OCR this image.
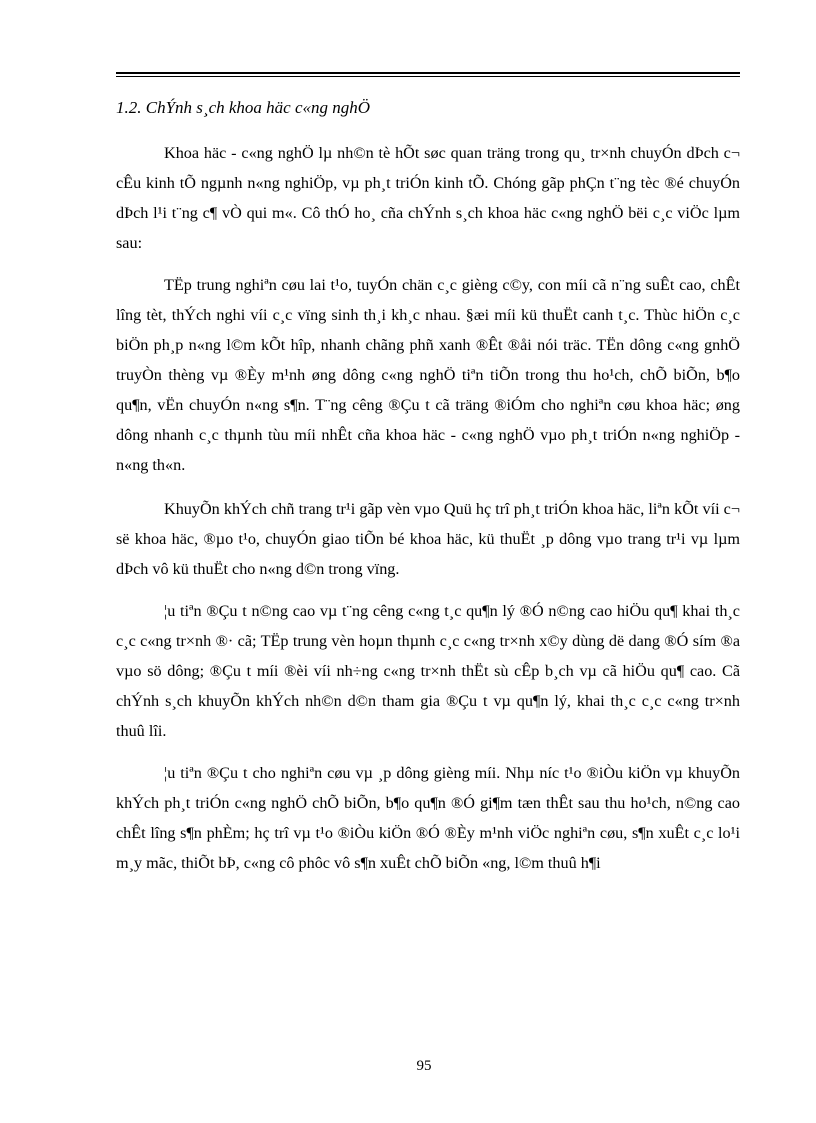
1.2. ChÝnh s¸ch khoa häc c«ng nghÖ

Khoa häc - c«ng nghÖ lµ nh©n tè hÕt søc quan träng trong qu¸ tr×nh chuyÓn dÞch c¬ cÊu kinh tÕ ngµnh n«ng nghiÖp, vµ ph¸t triÓn kinh tÕ. Chóng gãp phÇn t¨ng tèc ®é chuyÓn dÞch l¹i t¨ng c¶ vÒ qui m«. Cô thÓ ho¸ cña chÝnh s¸ch khoa häc c«ng nghÖ bëi c¸c viÖc lµm sau:

TËp trung nghiªn cøu lai t¹o, tuyÓn chän c¸c gièng c©y, con míi cã n¨ng suÊt cao, chÊt lîng tèt, thÝch nghi víi c¸c vïng sinh th¸i kh¸c nhau. §æi míi kü thuËt canh t¸c. Thùc hiÖn c¸c biÖn ph¸p n«ng l©m kÕt hîp, nhanh chãng phñ xanh ®Êt ®åi nói träc. TËn dông c«ng gnhÖ truyÒn thèng vµ ®Èy m¹nh øng dông c«ng nghÖ tiªn tiÕn trong thu ho¹ch, chÕ biÕn, b¶o qu¶n, vËn chuyÓn n«ng s¶n. T¨ng cêng ®Çu t cã träng ®iÓm cho nghiªn cøu khoa häc; øng dông nhanh c¸c thµnh tùu míi nhÊt cña khoa häc - c«ng nghÖ vµo ph¸t triÓn n«ng nghiÖp - n«ng th«n.

KhuyÕn khÝch chñ trang tr¹i gãp vèn vµo Quü hç trî ph¸t triÓn khoa häc, liªn kÕt víi c¬ së khoa häc, ®µo t¹o, chuyÓn giao tiÕn bé khoa häc, kü thuËt ¸p dông vµo trang tr¹i vµ lµm dÞch vô kü thuËt cho n«ng d©n trong vïng.

¦u tiªn ®Çu t n©ng cao vµ t¨ng cêng c«ng t¸c qu¶n lý ®Ó n©ng cao hiÖu qu¶ khai th¸c c¸c c«ng tr×nh ®· cã; TËp trung vèn hoµn thµnh c¸c c«ng tr×nh x©y dùng dë dang ®Ó sím ®a vµo sö dông; ®Çu t míi ®èi víi nh÷ng c«ng tr×nh thËt sù cÊp b¸ch vµ cã hiÖu qu¶ cao. Cã chÝnh s¸ch khuyÕn khÝch nh©n d©n tham gia ®Çu t vµ qu¶n lý, khai th¸c c¸c c«ng tr×nh thuû lîi.

¦u tiªn ®Çu t cho nghiªn cøu vµ ¸p dông gièng míi. Nhµ níc t¹o ®iÒu kiÖn vµ khuyÕn khÝch ph¸t triÓn c«ng nghÖ chÕ biÕn, b¶o qu¶n ®Ó gi¶m tæn thÊt sau thu ho¹ch, n©ng cao chÊt lîng s¶n phÈm; hç trî vµ t¹o ®iÒu kiÖn ®Ó ®Èy m¹nh viÖc nghiªn cøu, s¶n xuÊt c¸c lo¹i m¸y mãc, thiÕt bÞ, c«ng cô phôc vô s¶n xuÊt chÕ biÕn «ng, l©m thuû h¶i

95
